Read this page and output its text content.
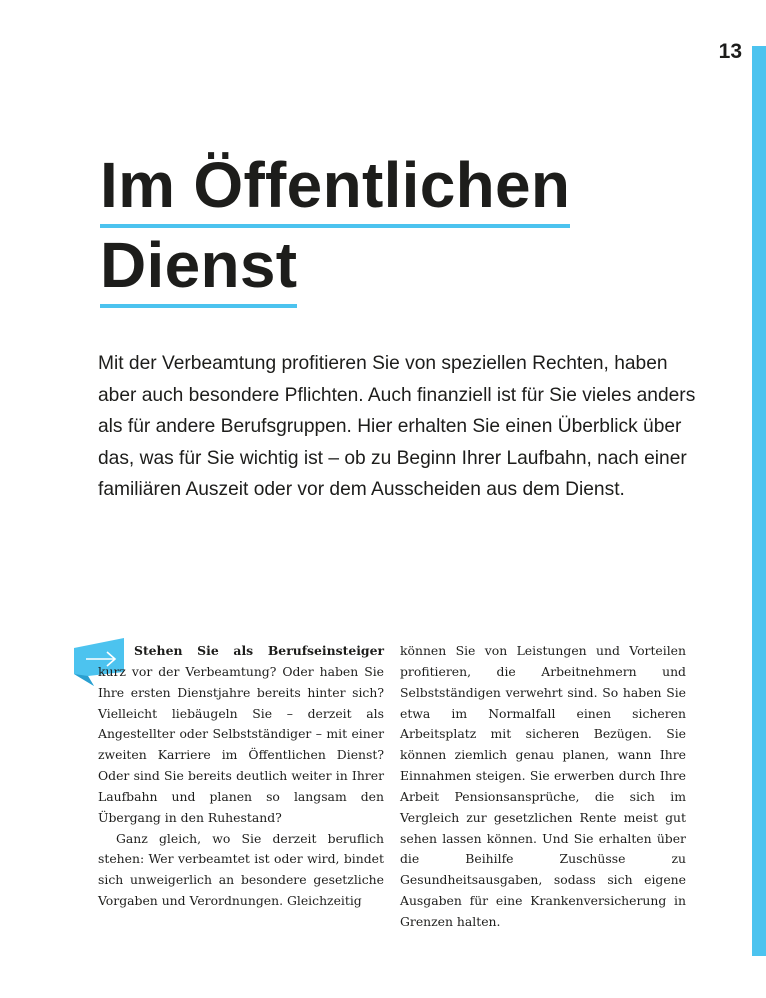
13
Im Öffentlichen
Dienst

Mit der Verbeamtung profitieren Sie von speziellen Rechten, haben aber auch besondere Pflichten. Auch finanziell ist für Sie vieles anders als für andere Berufsgruppen. Hier erhalten Sie einen Überblick über das, was für Sie wichtig ist – ob zu Beginn Ihrer Laufbahn, nach einer familiären Auszeit oder vor dem Ausscheiden aus dem Dienst.

Stehen Sie als Berufseinsteiger kurz vor der Verbeamtung? Oder haben Sie Ihre ersten Dienstjahre bereits hinter sich? Vielleicht liebäugeln Sie – derzeit als Angestellter oder Selbstständiger – mit einer zweiten Karriere im Öffentlichen Dienst? Oder sind Sie bereits deutlich weiter in Ihrer Laufbahn und planen so langsam den Übergang in den Ruhestand?

Ganz gleich, wo Sie derzeit beruflich stehen: Wer verbeamtet ist oder wird, bindet sich unweigerlich an besondere gesetzliche Vorgaben und Verordnungen. Gleichzeitig

können Sie von Leistungen und Vorteilen profitieren, die Arbeitnehmern und Selbstständigen verwehrt sind. So haben Sie etwa im Normalfall einen sicheren Arbeitsplatz mit sicheren Bezügen. Sie können ziemlich genau planen, wann Ihre Einnahmen steigen. Sie erwerben durch Ihre Arbeit Pensionsansprüche, die sich im Vergleich zur gesetzlichen Rente meist gut sehen lassen können. Und Sie erhalten über die Beihilfe Zuschüsse zu Gesundheitsausgaben, sodass sich eigene Ausgaben für eine Krankenversicherung in Grenzen halten.
